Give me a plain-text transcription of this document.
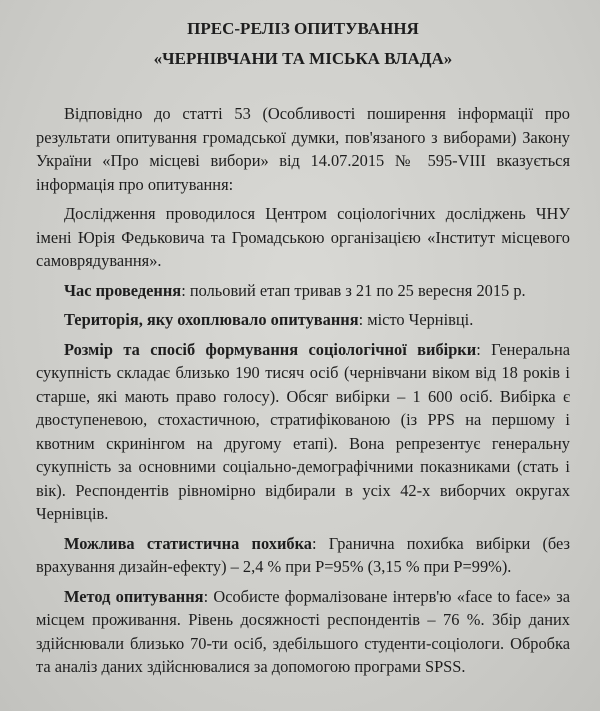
ПРЕС-РЕЛІЗ ОПИТУВАННЯ
«ЧЕРНІВЧАНИ ТА МІСЬКА ВЛАДА»

Відповідно до статті 53 (Особливості поширення інформації про результати опитування громадської думки, пов'язаного з виборами) Закону України «Про місцеві вибори» від 14.07.2015 № 595-VIII вказується інформація про опитування:

Дослідження проводилося Центром соціологічних досліджень ЧНУ імені Юрія Федьковича та Громадською організацією «Інститут місцевого самоврядування».

Час проведення: польовий етап тривав з 21 по 25 вересня 2015 р.

Територія, яку охоплювало опитування: місто Чернівці.

Розмір та спосіб формування соціологічної вибірки: Генеральна сукупність складає близько 190 тисяч осіб (чернівчани віком від 18 років і старше, які мають право голосу). Обсяг вибірки – 1 600 осіб. Вибірка є двоступеневою, стохастичною, стратифікованою (із PPS на першому і квотним скринінгом на другому етапі). Вона репрезентує генеральну сукупність за основними соціально-демографічними показниками (стать і вік). Респондентів рівномірно відбирали в усіх 42-х виборчих округах Чернівців.

Можлива статистична похибка: Гранична похибка вибірки (без врахування дизайн-ефекту) – 2,4 % при P=95% (3,15 % при P=99%).

Метод опитування: Особисте формалізоване інтерв'ю «face to face» за місцем проживання. Рівень досяжності респондентів – 76 %. Збір даних здійснювали близько 70-ти осіб, здебільшого студенти-соціологи. Обробка та аналіз даних здійснювалися за допомогою програми SPSS.
